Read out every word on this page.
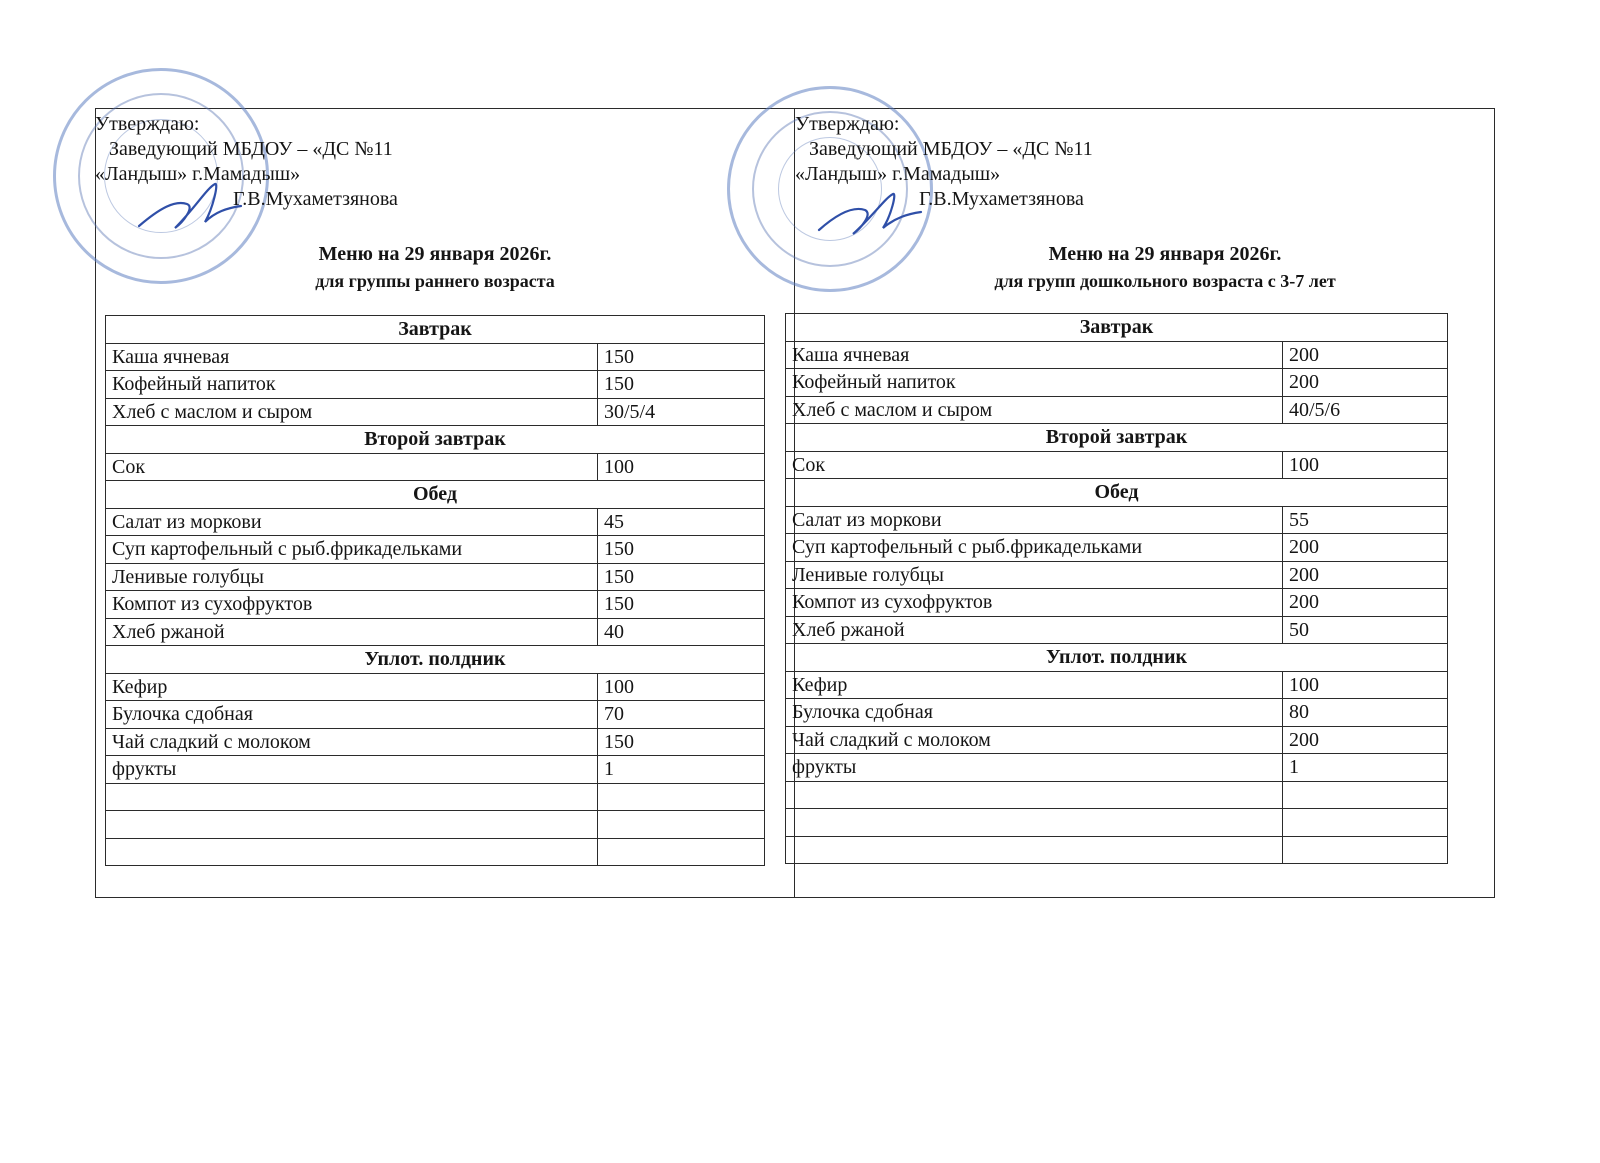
Утверждаю:
Заведующий МБДОУ – «ДС №11
«Ландыш» г.Мамадыш»
Г.В.Мухаметзянова
Меню на 29 января 2026г.
для группы раннего возраста
Завтрак	
Каша ячневая	150
Кофейный напиток	150
Хлеб с маслом и сыром	30/5/4
Второй завтрак	
Сок	100
Обед	
Салат из моркови	45
Суп картофельный с рыб.фрикадельками	150
Ленивые голубцы	150
Компот из сухофруктов	150
Хлеб ржаной	40
Уплот. полдник	
Кефир	100
Булочка сдобная	70
Чай сладкий с молоком	150
фрукты	1

Утверждаю:
Заведующий МБДОУ – «ДС №11
«Ландыш» г.Мамадыш»
Г.В.Мухаметзянова
Меню на 29 января 2026г.
для групп дошкольного возраста с 3-7 лет
Завтрак	
Каша ячневая	200
Кофейный напиток	200
Хлеб с маслом и сыром	40/5/6
Второй завтрак	
Сок	100
Обед	
Салат из моркови	55
Суп картофельный с рыб.фрикадельками	200
Ленивые голубцы	200
Компот из сухофруктов	200
Хлеб ржаной	50
Уплот. полдник	
Кефир	100
Булочка сдобная	80
Чай сладкий с молоком	200
фрукты	1
